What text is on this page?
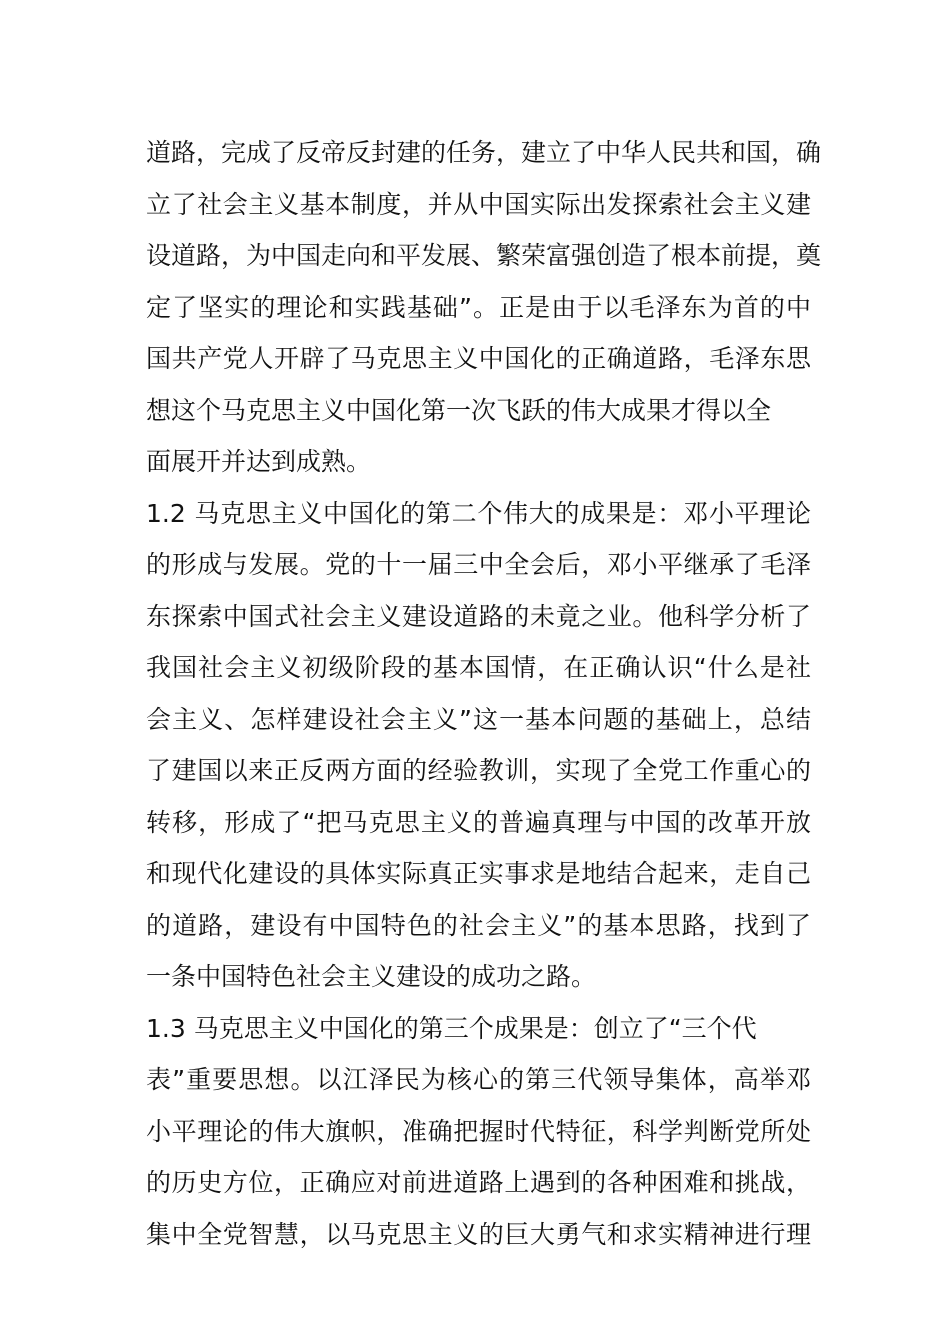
道路，完成了反帝反封建的任务，建立了中华人民共和国，确
立了社会主义基本制度，并从中国实际出发探索社会主义建
设道路，为中国走向和平发展、繁荣富强创造了根本前提，奠
定了坚实的理论和实践基础”。正是由于以毛泽东为首的中
国共产党人开辟了马克思主义中国化的正确道路，毛泽东思
想这个马克思主义中国化第一次飞跃的伟大成果才得以全
面展开并达到成熟。
1.2 马克思主义中国化的第二个伟大的成果是：邓小平理论
的形成与发展。党的十一届三中全会后，邓小平继承了毛泽
东探索中国式社会主义建设道路的未竟之业。他科学分析了
我国社会主义初级阶段的基本国情，在正确认识“什么是社
会主义、怎样建设社会主义”这一基本问题的基础上，总结
了建国以来正反两方面的经验教训，实现了全党工作重心的
转移，形成了“把马克思主义的普遍真理与中国的改革开放
和现代化建设的具体实际真正实事求是地结合起来，走自己
的道路，建设有中国特色的社会主义”的基本思路，找到了
一条中国特色社会主义建设的成功之路。
1.3 马克思主义中国化的第三个成果是：创立了“三个代
表”重要思想。以江泽民为核心的第三代领导集体，高举邓
小平理论的伟大旗帜，准确把握时代特征，科学判断党所处
的历史方位，正确应对前进道路上遇到的各种困难和挑战，
集中全党智慧，以马克思主义的巨大勇气和求实精神进行理
